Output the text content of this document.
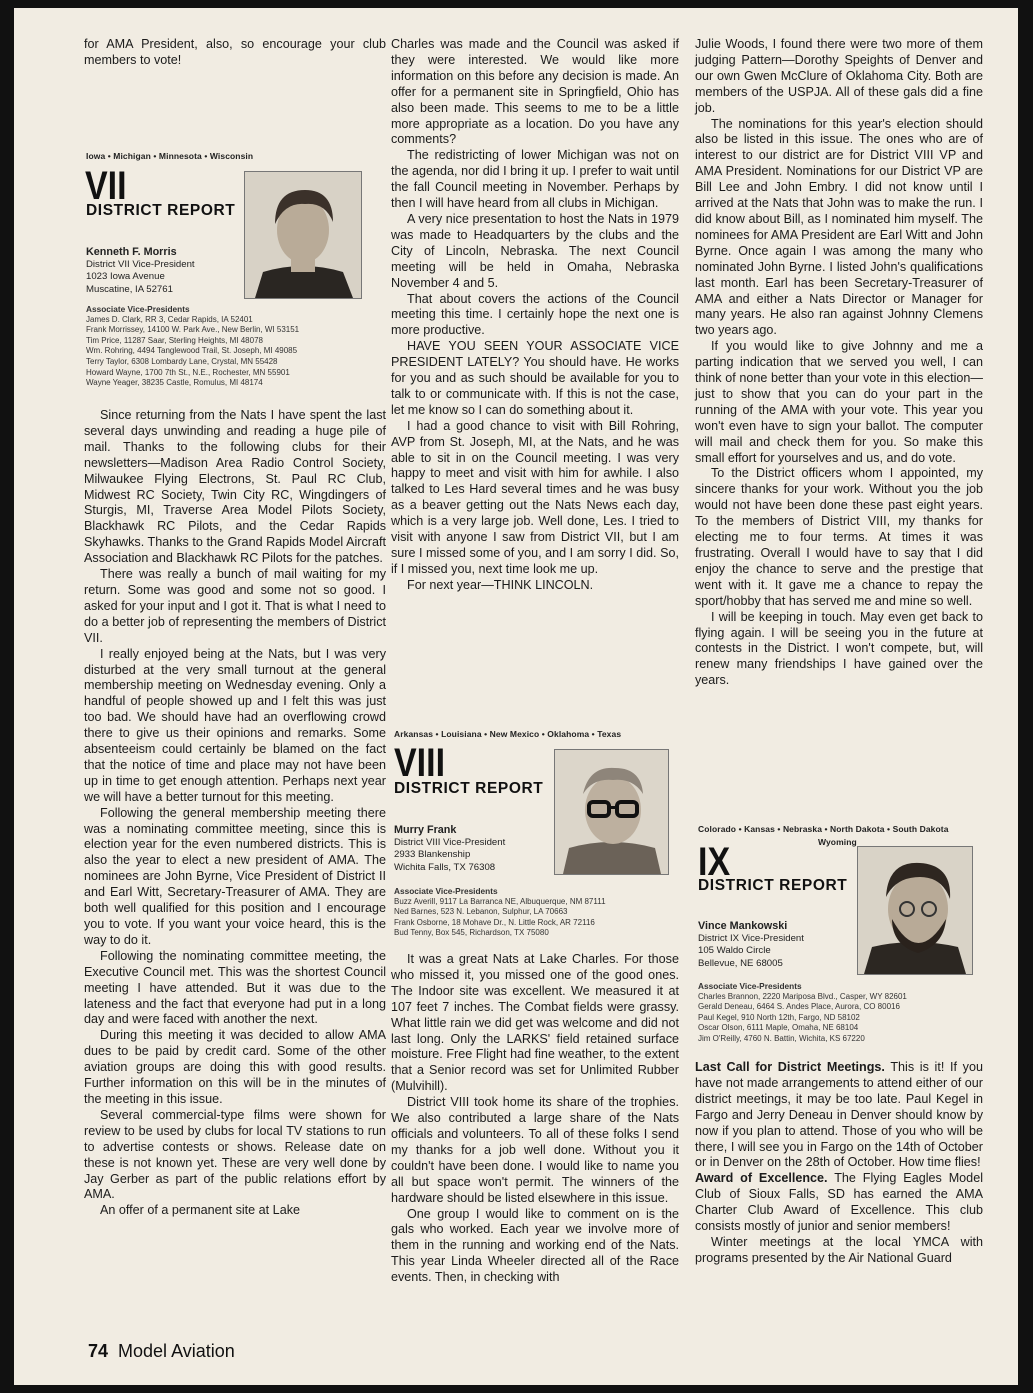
for AMA President, also, so encourage your club members to vote!

Iowa • Michigan • Minnesota • Wisconsin
VII
DISTRICT REPORT
Kenneth F. Morris
District VII Vice-President
1023 Iowa Avenue
Muscatine, IA 52761
Associate Vice-Presidents
James D. Clark, RR 3, Cedar Rapids, IA 52401
Frank Morrissey, 14100 W. Park Ave., New Berlin, WI 53151
Tim Price, 11287 Saar, Sterling Heights, MI 48078
Wm. Rohring, 4494 Tanglewood Trail, St. Joseph, MI 49085
Terry Taylor, 6308 Lombardy Lane, Crystal, MN 55428
Howard Wayne, 1700 7th St., N.E., Rochester, MN 55901
Wayne Yeager, 38235 Castle, Romulus, MI 48174

Since returning from the Nats I have spent the last several days unwinding and reading a huge pile of mail. Thanks to the following clubs for their newsletters—Madison Area Radio Control Society, Milwaukee Flying Electrons, St. Paul RC Club, Midwest RC Society, Twin City RC, Wingdingers of Sturgis, MI, Traverse Area Model Pilots Society, Blackhawk RC Pilots, and the Cedar Rapids Skyhawks. Thanks to the Grand Rapids Model Aircraft Association and Blackhawk RC Pilots for the patches.

There was really a bunch of mail waiting for my return. Some was good and some not so good. I asked for your input and I got it. That is what I need to do a better job of representing the members of District VII.

I really enjoyed being at the Nats, but I was very disturbed at the very small turnout at the general membership meeting on Wednesday evening. Only a handful of people showed up and I felt this was just too bad. We should have had an overflowing crowd there to give us their opinions and remarks. Some absenteeism could certainly be blamed on the fact that the notice of time and place may not have been up in time to get enough attention. Perhaps next year we will have a better turnout for this meeting.

Following the general membership meeting there was a nominating committee meeting, since this is election year for the even numbered districts. This is also the year to elect a new president of AMA. The nominees are John Byrne, Vice President of District II and Earl Witt, Secretary-Treasurer of AMA. They are both well qualified for this position and I encourage you to vote. If you want your voice heard, this is the way to do it.

Following the nominating committee meeting, the Executive Council met. This was the shortest Council meeting I have attended. But it was due to the lateness and the fact that everyone had put in a long day and were faced with another the next.

During this meeting it was decided to allow AMA dues to be paid by credit card. Some of the other aviation groups are doing this with good results. Further information on this will be in the minutes of the meeting in this issue.

Several commercial-type films were shown for review to be used by clubs for local TV stations to run to advertise contests or shows. Release date on these is not known yet. These are very well done by Jay Gerber as part of the public relations effort by AMA.

An offer of a permanent site at Lake

Charles was made and the Council was asked if they were interested. We would like more information on this before any decision is made. An offer for a permanent site in Springfield, Ohio has also been made. This seems to me to be a little more appropriate as a location. Do you have any comments?

The redistricting of lower Michigan was not on the agenda, nor did I bring it up. I prefer to wait until the fall Council meeting in November. Perhaps by then I will have heard from all clubs in Michigan.

A very nice presentation to host the Nats in 1979 was made to Headquarters by the clubs and the City of Lincoln, Nebraska. The next Council meeting will be held in Omaha, Nebraska November 4 and 5.

That about covers the actions of the Council meeting this time. I certainly hope the next one is more productive.

HAVE YOU SEEN YOUR ASSOCIATE VICE PRESIDENT LATELY? You should have. He works for you and as such should be available for you to talk to or communicate with. If this is not the case, let me know so I can do something about it.

I had a good chance to visit with Bill Rohring, AVP from St. Joseph, MI, at the Nats, and he was able to sit in on the Council meeting. I was very happy to meet and visit with him for awhile. I also talked to Les Hard several times and he was busy as a beaver getting out the Nats News each day, which is a very large job. Well done, Les. I tried to visit with anyone I saw from District VII, but I am sure I missed some of you, and I am sorry I did. So, if I missed you, next time look me up.

For next year—THINK LINCOLN.

Arkansas • Louisiana • New Mexico • Oklahoma • Texas
VIII
DISTRICT REPORT
Murry Frank
District VIII Vice-President
2933 Blankenship
Wichita Falls, TX 76308
Associate Vice-Presidents
Buzz Averill, 9117 La Barranca NE, Albuquerque, NM 87111
Ned Barnes, 523 N. Lebanon, Sulphur, LA 70663
Frank Osborne, 18 Mohave Dr., N. Little Rock, AR 72116
Bud Tenny, Box 545, Richardson, TX 75080

It was a great Nats at Lake Charles. For those who missed it, you missed one of the good ones. The Indoor site was excellent. We measured it at 107 feet 7 inches. The Combat fields were grassy. What little rain we did get was welcome and did not last long. Only the LARKS' field retained surface moisture. Free Flight had fine weather, to the extent that a Senior record was set for Unlimited Rubber (Mulvihill).

District VIII took home its share of the trophies. We also contributed a large share of the Nats officials and volunteers. To all of these folks I send my thanks for a job well done. Without you it couldn't have been done. I would like to name you all but space won't permit. The winners of the hardware should be listed elsewhere in this issue.

One group I would like to comment on is the gals who worked. Each year we involve more of them in the running and working end of the Nats. This year Linda Wheeler directed all of the Race events. Then, in checking with

Julie Woods, I found there were two more of them judging Pattern—Dorothy Speights of Denver and our own Gwen McClure of Oklahoma City. Both are members of the USPJA. All of these gals did a fine job.

The nominations for this year's election should also be listed in this issue. The ones who are of interest to our district are for District VIII VP and AMA President. Nominations for our District VP are Bill Lee and John Embry. I did not know until I arrived at the Nats that John was to make the run. I did know about Bill, as I nominated him myself. The nominees for AMA President are Earl Witt and John Byrne. Once again I was among the many who nominated John Byrne. I listed John's qualifications last month. Earl has been Secretary-Treasurer of AMA and either a Nats Director or Manager for many years. He also ran against Johnny Clemens two years ago.

If you would like to give Johnny and me a parting indication that we served you well, I can think of none better than your vote in this election—just to show that you can do your part in the running of the AMA with your vote. This year you won't even have to sign your ballot. The computer will mail and check them for you. So make this small effort for yourselves and us, and do vote.

To the District officers whom I appointed, my sincere thanks for your work. Without you the job would not have been done these past eight years. To the members of District VIII, my thanks for electing me to four terms. At times it was frustrating. Overall I would have to say that I did enjoy the chance to serve and the prestige that went with it. It gave me a chance to repay the sport/hobby that has served me and mine so well.

I will be keeping in touch. May even get back to flying again. I will be seeing you in the future at contests in the District. I won't compete, but, will renew many friendships I have gained over the years.

Colorado • Kansas • Nebraska • North Dakota • South Dakota
Wyoming
IX
DISTRICT REPORT
Vince Mankowski
District IX Vice-President
105 Waldo Circle
Bellevue, NE 68005
Associate Vice-Presidents
Charles Brannon, 2220 Mariposa Blvd., Casper, WY 82601
Gerald Deneau, 6464 S. Andes Place, Aurora, CO 80016
Paul Kegel, 910 North 12th, Fargo, ND 58102
Oscar Olson, 6111 Maple, Omaha, NE 68104
Jim O'Reilly, 4760 N. Battin, Wichita, KS 67220

Last Call for District Meetings. This is it! If you have not made arrangements to attend either of our district meetings, it may be too late. Paul Kegel in Fargo and Jerry Deneau in Denver should know by now if you plan to attend. Those of you who will be there, I will see you in Fargo on the 14th of October or in Denver on the 28th of October. How time flies!

Award of Excellence. The Flying Eagles Model Club of Sioux Falls, SD has earned the AMA Charter Club Award of Excellence. This club consists mostly of junior and senior members!

Winter meetings at the local YMCA with programs presented by the Air National Guard

74 Model Aviation
